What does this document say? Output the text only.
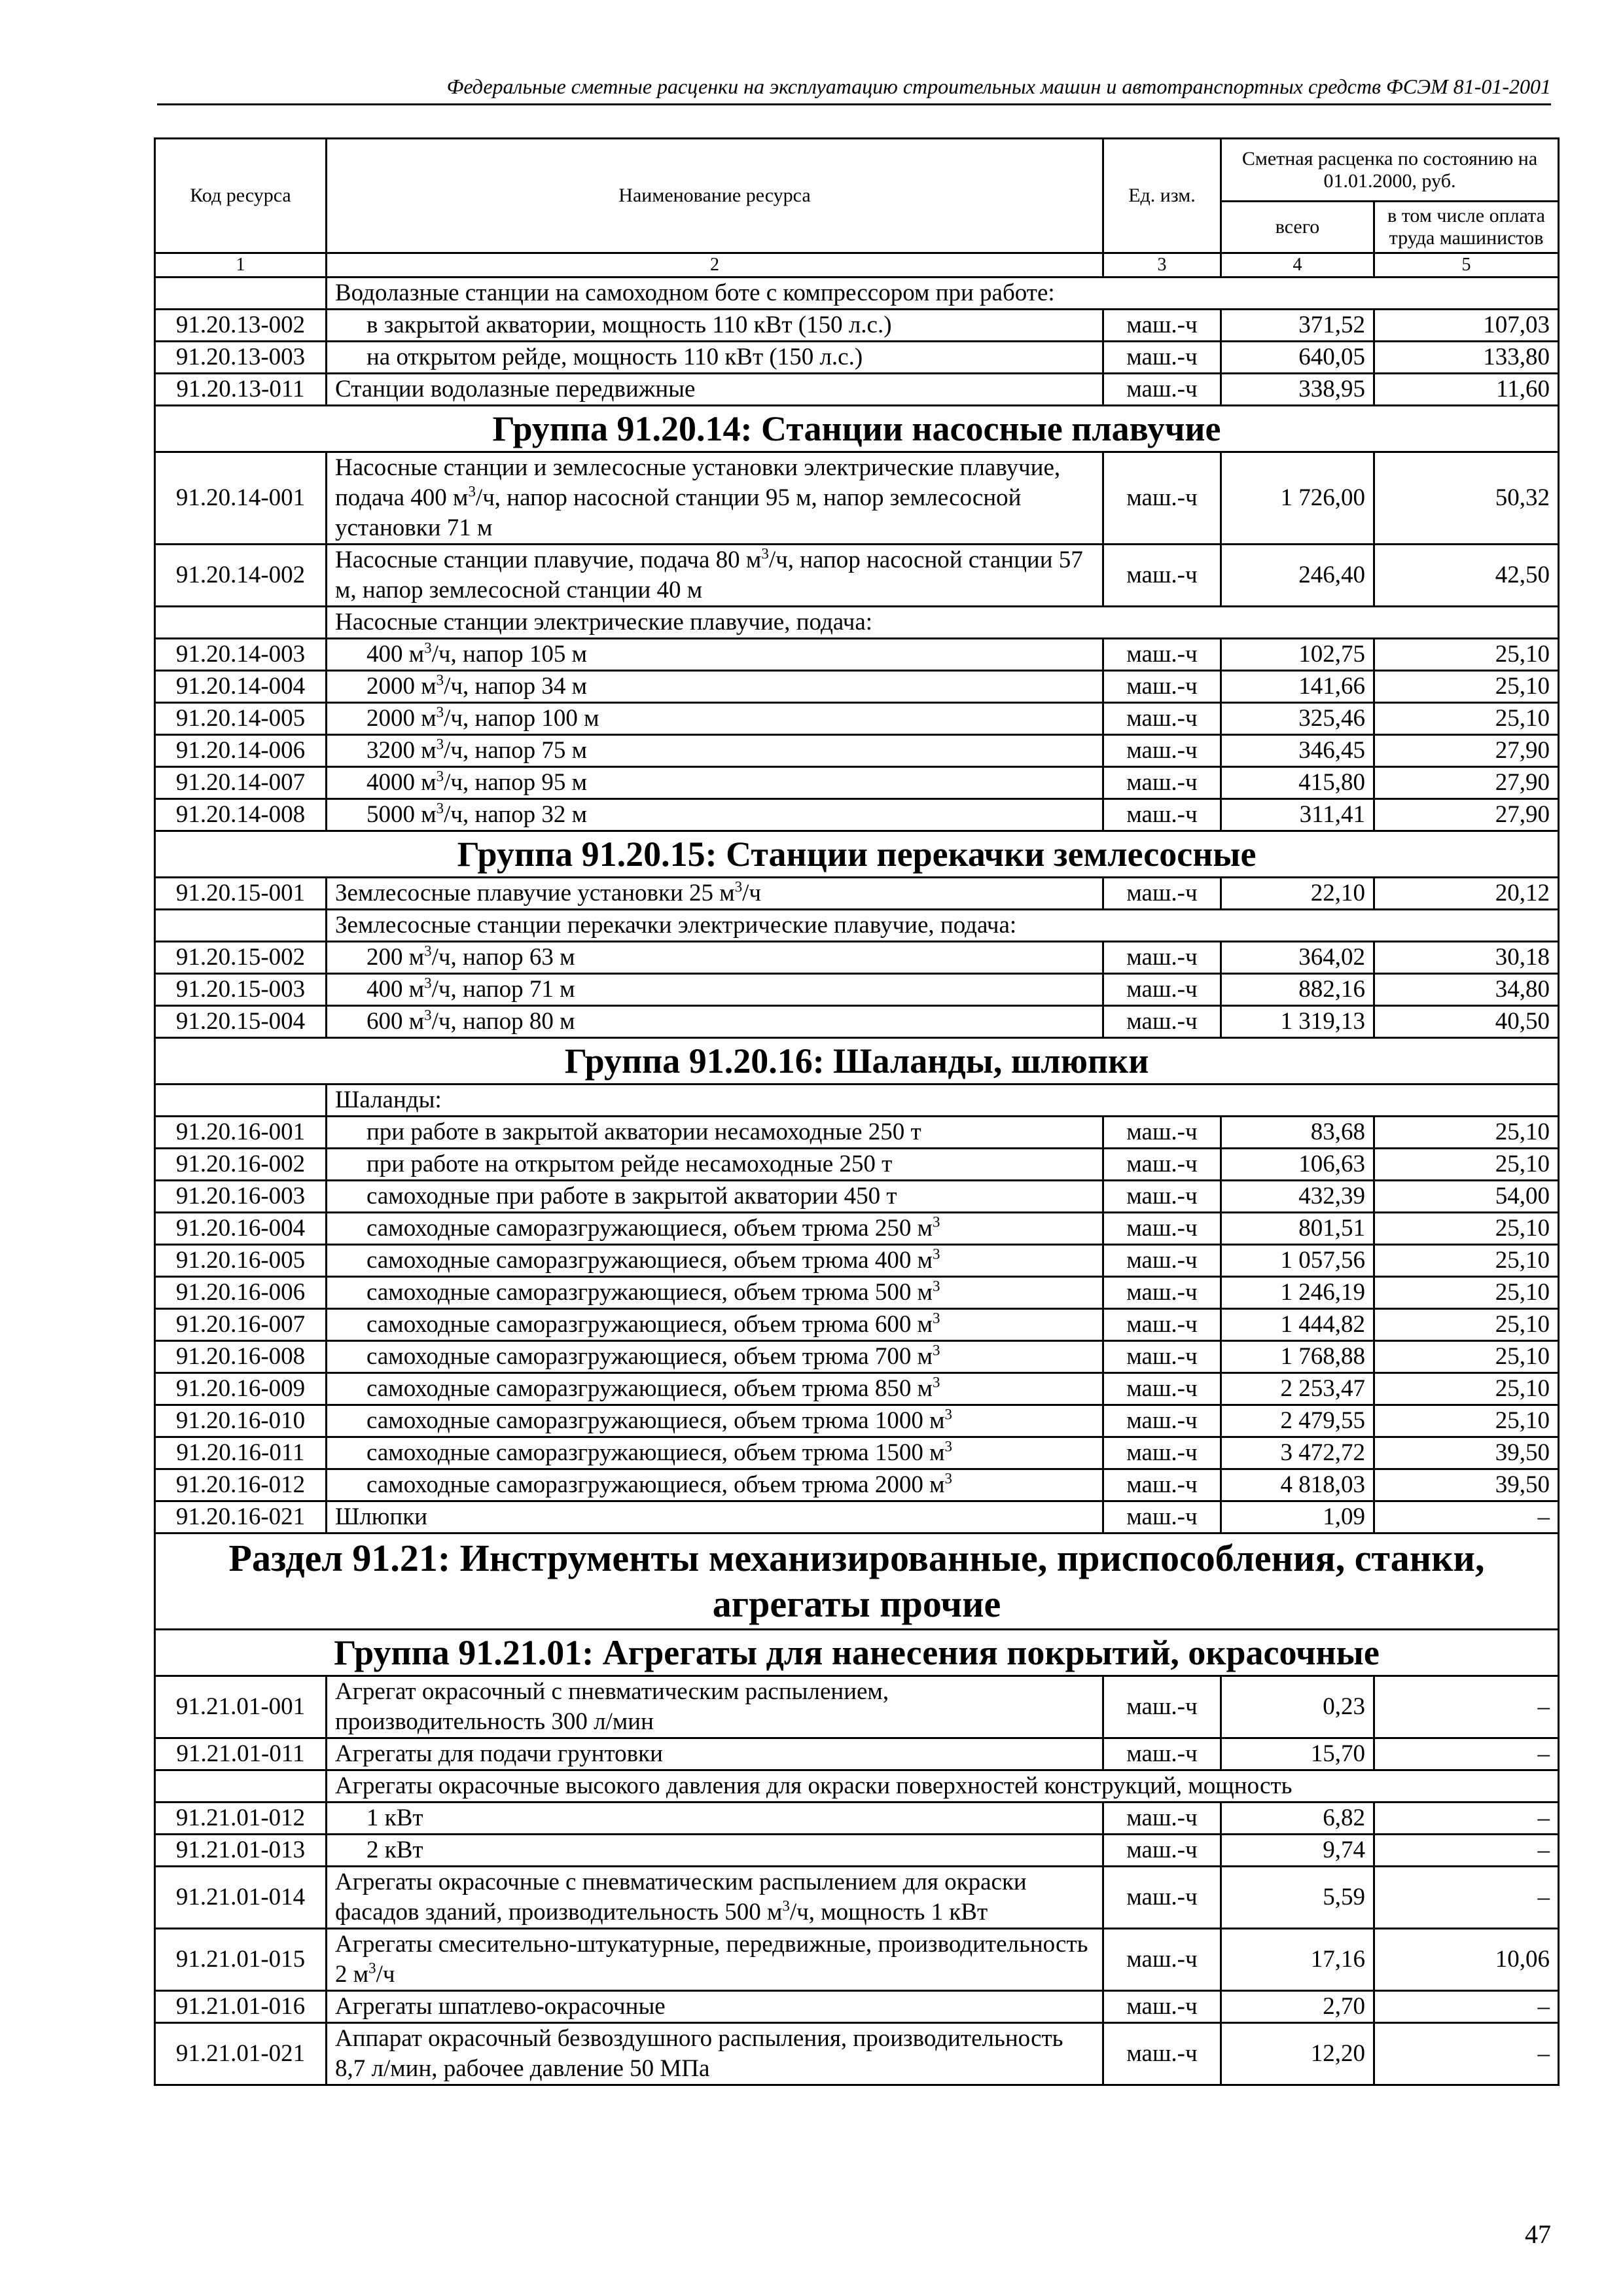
Федеральные сметные расценки на эксплуатацию строительных машин и автотранспортных средств ФСЭМ 81-01-2001
Код ресурса	Наименование ресурса	Ед. изм.	Сметная расценка по состоянию на 01.01.2000, руб.	
			всего	в том числе оплата труда машинистов
1	2	3	4	5
	Водолазные станции на самоходном боте с компрессором при работе:			
91.20.13-002	в закрытой акватории, мощность 110 кВт (150 л.с.)	маш.-ч	371,52	107,03
91.20.13-003	на открытом рейде, мощность 110 кВт (150 л.с.)	маш.-ч	640,05	133,80
91.20.13-011	Станции водолазные передвижные	маш.-ч	338,95	11,60
Группа 91.20.14: Станции насосные плавучие				
91.20.14-001	Насосные станции и землесосные установки электрические плавучие, подача 400 $м^3/ч$, напор насосной станции 95 м, напор землесосной установки 71 м	маш.-ч	1 726,00	50,32
91.20.14-002	Насосные станции плавучие, подача 80 $м^3/ч$, напор насосной станции 57 м, напор землесосной станции 40 м	маш.-ч	246,40	42,50
	Насосные станции электрические плавучие, подача:			
91.20.14-003	400 $м^3/ч$, напор 105 м	маш.-ч	102,75	25,10
91.20.14-004	2000 $м^3/ч$, напор 34 м	маш.-ч	141,66	25,10
91.20.14-005	2000 $м^3/ч$, напор 100 м	маш.-ч	325,46	25,10
91.20.14-006	3200 $м^3/ч$, напор 75 м	маш.-ч	346,45	27,90
91.20.14-007	4000 $м^3/ч$, напор 95 м	маш.-ч	415,80	27,90
91.20.14-008	5000 $м^3/ч$, напор 32 м	маш.-ч	311,41	27,90
Группа 91.20.15: Станции перекачки землесосные				
91.20.15-001	Землесосные плавучие установки 25 $м^3/ч$	маш.-ч	22,10	20,12
	Землесосные станции перекачки электрические плавучие, подача:			
91.20.15-002	200 $м^3/ч$, напор 63 м	маш.-ч	364,02	30,18
91.20.15-003	400 $м^3/ч$, напор 71 м	маш.-ч	882,16	34,80
91.20.15-004	600 $м^3/ч$, напор 80 м	маш.-ч	1 319,13	40,50
Группа 91.20.16: Шаланды, шлюпки				
	Шаланды:			
91.20.16-001	при работе в закрытой акватории несамоходные 250 т	маш.-ч	83,68	25,10
91.20.16-002	при работе на открытом рейде несамоходные 250 т	маш.-ч	106,63	25,10
91.20.16-003	самоходные при работе в закрытой акватории 450 т	маш.-ч	432,39	54,00
91.20.16-004	самоходные саморазгружающиеся, объем трюма 250 $м^3$	маш.-ч	801,51	25,10
91.20.16-005	самоходные саморазгружающиеся, объем трюма 400 $м^3$	маш.-ч	1 057,56	25,10
91.20.16-006	самоходные саморазгружающиеся, объем трюма 500 $м^3$	маш.-ч	1 246,19	25,10
91.20.16-007	самоходные саморазгружающиеся, объем трюма 600 $м^3$	маш.-ч	1 444,82	25,10
91.20.16-008	самоходные саморазгружающиеся, объем трюма 700 $м^3$	маш.-ч	1 768,88	25,10
91.20.16-009	самоходные саморазгружающиеся, объем трюма 850 $м^3$	маш.-ч	2 253,47	25,10
91.20.16-010	самоходные саморазгружающиеся, объем трюма 1000 $м^3$	маш.-ч	2 479,55	25,10
91.20.16-011	самоходные саморазгружающиеся, объем трюма 1500 $м^3$	маш.-ч	3 472,72	39,50
91.20.16-012	самоходные саморазгружающиеся, объем трюма 2000 $м^3$	маш.-ч	4 818,03	39,50
91.20.16-021	Шлюпки	маш.-ч	1,09	–
Раздел 91.21: Инструменты механизированные, приспособления, станки, агрегаты прочие				
Группа 91.21.01: Агрегаты для нанесения покрытий, окрасочные				
91.21.01-001	Агрегат окрасочный с пневматическим распылением, производительность 300 л/мин	маш.-ч	0,23	–
91.21.01-011	Агрегаты для подачи грунтовки	маш.-ч	15,70	–
	Агрегаты окрасочные высокого давления для окраски поверхностей конструкций, мощность			
91.21.01-012	1 кВт	маш.-ч	6,82	–
91.21.01-013	2 кВт	маш.-ч	9,74	–
91.21.01-014	Агрегаты окрасочные с пневматическим распылением для окраски фасадов зданий, производительность 500 $м^3/ч$, мощность 1 кВт	маш.-ч	5,59	–
91.21.01-015	Агрегаты смесительно-штукатурные, передвижные, производительность 2 $м^3/ч$	маш.-ч	17,16	10,06
91.21.01-016	Агрегаты шпатлево-окрасочные	маш.-ч	2,70	–
91.21.01-021	Аппарат окрасочный безвоздушного распыления, производительность 8,7 л/мин, рабочее давление 50 МПа	маш.-ч	12,20	–
47
